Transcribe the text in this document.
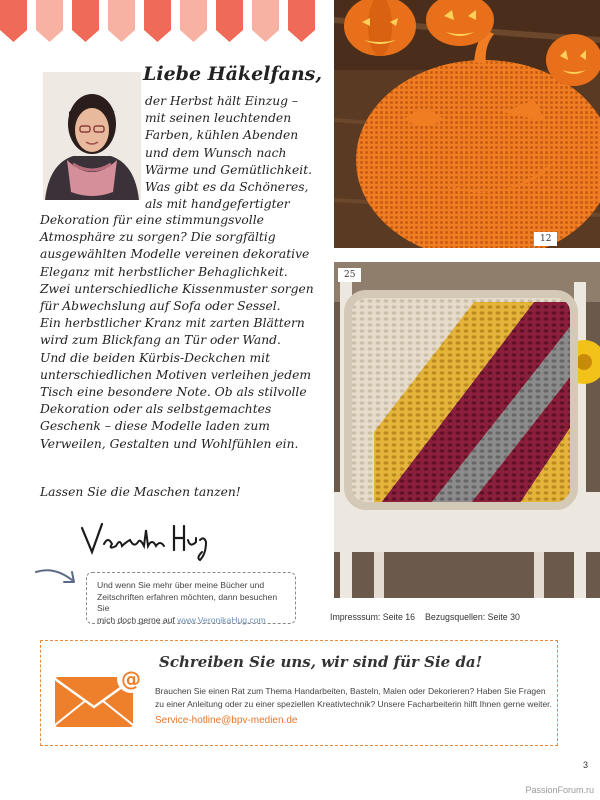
Liebe Häkelfans,
der Herbst hält Einzug –
mit seinen leuchtenden
Farben, kühlen Abenden
und dem Wunsch nach
Wärme und Gemütlichkeit.
Was gibt es da Schöneres,
als mit handgefertigter
Dekoration für eine stimmungsvolle
Atmosphäre zu sorgen? Die sorgfältig
ausgewählten Modelle vereinen dekorative
Eleganz mit herbstlicher Behaglichkeit.
Zwei unterschiedliche Kissenmuster sorgen
für Abwechslung auf Sofa oder Sessel.
Ein herbstlicher Kranz mit zarten Blättern
wird zum Blickfang an Tür oder Wand.
Und die beiden Kürbis-Deckchen mit
unterschiedlichen Motiven verleihen jedem
Tisch eine besondere Note. Ob als stilvolle
Dekoration oder als selbstgemachtes
Geschenk – diese Modelle laden zum
Verweilen, Gestalten und Wohlfühlen ein.
Lassen Sie die Maschen tanzen!
Und wenn Sie mehr über meine Bücher und
Zeitschriften erfahren möchten, dann besuchen Sie
mich doch gerne auf www.VeronikaHug.com
12
25
Impresssum: Seite 16 Bezugsquellen: Seite 30
@
Schreiben Sie uns, wir sind für Sie da!
Brauchen Sie einen Rat zum Thema Handarbeiten, Basteln, Malen oder Dekorieren? Haben Sie Fragen
zu einer Anleitung oder zu einer speziellen Kreativtechnik? Unsere Facharbeiterin hilft Ihnen gerne weiter.
Service-hotline@bpv-medien.de
3
PassionForum.ru
